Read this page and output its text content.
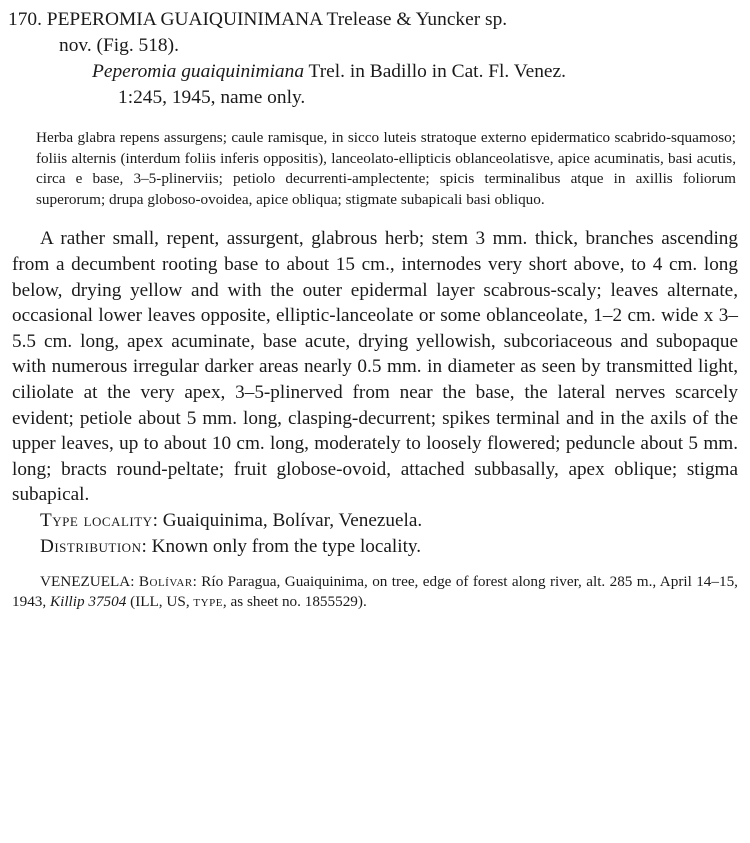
170. PEPEROMIA GUAIQUINIMANA Trelease & Yuncker sp.
nov. (Fig. 518).

Peperomia guaiquinimiana Trel. in Badillo in Cat. Fl. Venez.
1:245, 1945, name only.

Herba glabra repens assurgens; caule ramisque, in sicco luteis stratoque externo epidermatico scabrido-squamoso; foliis alternis (interdum foliis inferis oppositis), lanceolato-ellipticis oblanceolatisve, apice acuminatis, basi acutis, circa e base, 3–5-plinerviis; petiolo decurrenti-amplectente; spicis terminalibus atque in axillis foliorum superorum; drupa globoso-ovoidea, apice obliqua; stigmate subapicali basi obliquo.

A rather small, repent, assurgent, glabrous herb; stem 3 mm. thick, branches ascending from a decumbent rooting base to about 15 cm., internodes very short above, to 4 cm. long below, drying yellow and with the outer epidermal layer scabrous-scaly; leaves alternate, occasional lower leaves opposite, elliptic-lanceolate or some oblanceolate, 1–2 cm. wide x 3–5.5 cm. long, apex acuminate, base acute, drying yellowish, subcoriaceous and subopaque with numerous irregular darker areas nearly 0.5 mm. in diameter as seen by transmitted light, ciliolate at the very apex, 3–5-plinerved from near the base, the lateral nerves scarcely evident; petiole about 5 mm. long, clasping-decurrent; spikes terminal and in the axils of the upper leaves, up to about 10 cm. long, moderately to loosely flowered; peduncle about 5 mm. long; bracts round-peltate; fruit globose-ovoid, attached subbasally, apex oblique; stigma subapical.

Type locality: Guaiquinima, Bolívar, Venezuela.

Distribution: Known only from the type locality.

VENEZUELA: Bolívar: Río Paragua, Guaiquinima, on tree, edge of forest along river, alt. 285 m., April 14–15, 1943, Killip 37504 (ILL, US, type, as sheet no. 1855529).
